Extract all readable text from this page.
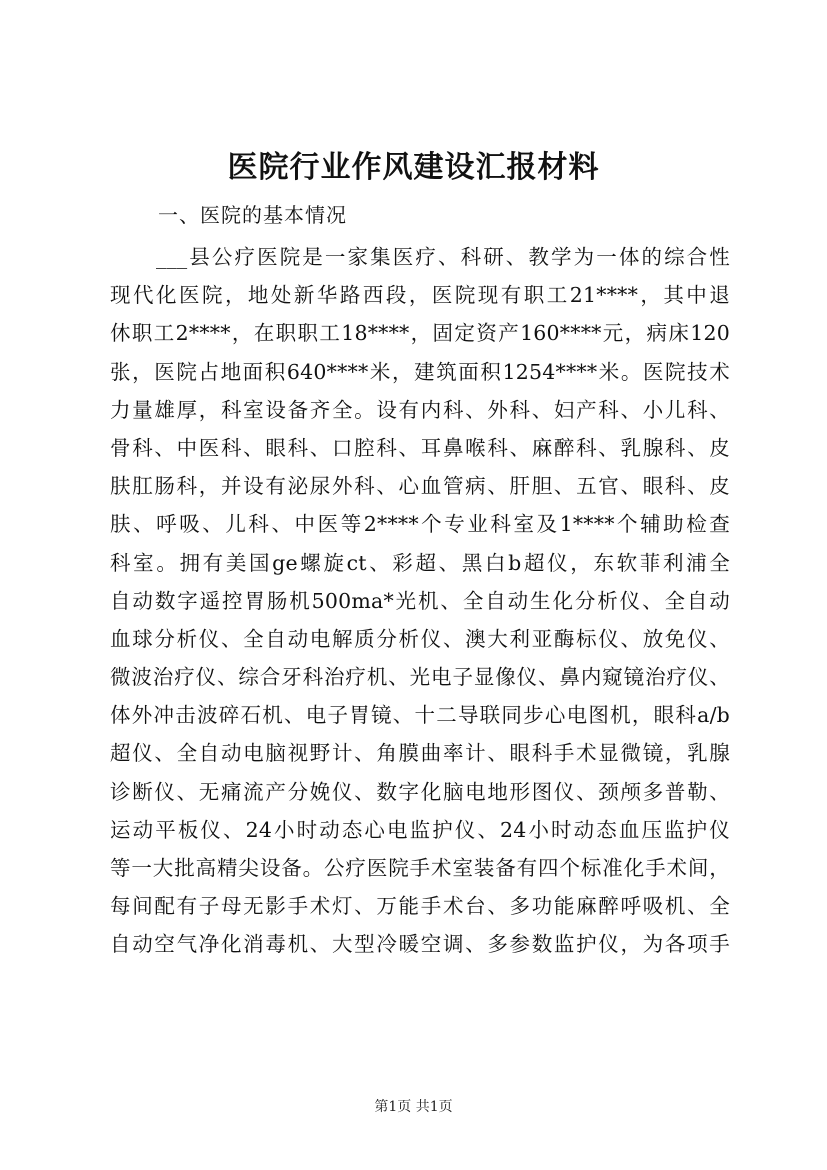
医院行业作风建设汇报材料

一、医院的基本情况

___县公疗医院是一家集医疗、科研、教学为一体的综合性
现代化医院，地处新华路西段，医院现有职工21****，其中退
休职工2****，在职职工18****，固定资产160****元，病床120
张，医院占地面积640****米，建筑面积1254****米。医院技术
力量雄厚，科室设备齐全。设有内科、外科、妇产科、小儿科、
骨科、中医科、眼科、口腔科、耳鼻喉科、麻醉科、乳腺科、皮
肤肛肠科，并设有泌尿外科、心血管病、肝胆、五官、眼科、皮
肤、呼吸、儿科、中医等2****个专业科室及1****个辅助检查
科室。拥有美国ge螺旋ct、彩超、黑白b超仪，东软菲利浦全
自动数字遥控胃肠机500ma*光机、全自动生化分析仪、全自动
血球分析仪、全自动电解质分析仪、澳大利亚酶标仪、放免仪、
微波治疗仪、综合牙科治疗机、光电子显像仪、鼻内窥镜治疗仪、
体外冲击波碎石机、电子胃镜、十二导联同步心电图机，眼科a/b
超仪、全自动电脑视野计、角膜曲率计、眼科手术显微镜，乳腺
诊断仪、无痛流产分娩仪、数字化脑电地形图仪、颈颅多普勒、
运动平板仪、24小时动态心电监护仪、24小时动态血压监护仪
等一大批高精尖设备。公疗医院手术室装备有四个标准化手术间，
每间配有子母无影手术灯、万能手术台、多功能麻醉呼吸机、全
自动空气净化消毒机、大型冷暖空调、多参数监护仪，为各项手
第1页 共1页
